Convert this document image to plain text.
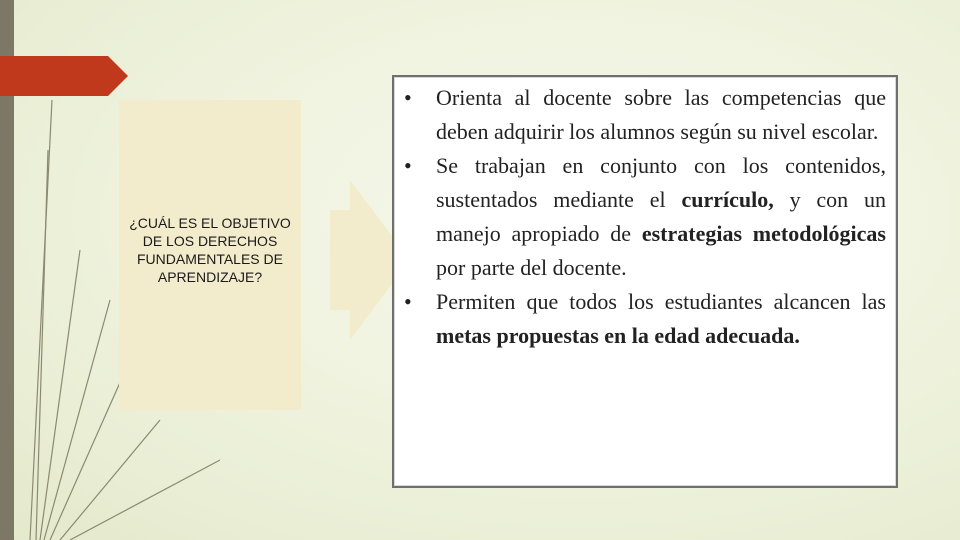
¿CUÁL ES EL OBJETIVO DE LOS DERECHOS FUNDAMENTALES DE APRENDIZAJE?
• Orienta al docente sobre las competencias que deben adquirir los alumnos según su nivel escolar.
• Se trabajan en conjunto con los contenidos, sustentados mediante el currículo, y con un manejo apropiado de estrategias metodológicas por parte del docente.
• Permiten que todos los estudiantes alcancen las metas propuestas en la edad adecuada.
